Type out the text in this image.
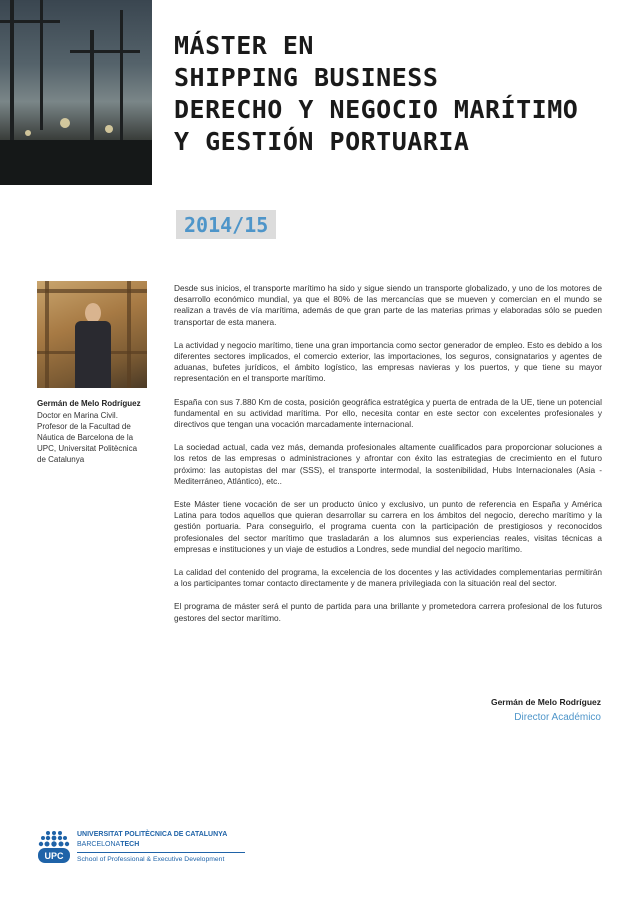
MÁSTER EN
SHIPPING BUSINESS
DERECHO Y NEGOCIO MARÍTIMO
Y GESTIÓN PORTUARIA
2014/15
Germán de Melo Rodríguez
Doctor en Marina Civil.
Profesor de la Facultad de
Náutica de Barcelona de la
UPC, Universitat Politècnica
de Catalunya

Desde sus inicios, el transporte marítimo ha sido y sigue siendo un transporte globalizado, y uno de los motores de desarrollo económico mundial, ya que el 80% de las mercancías que se mueven y comercian en el mundo se realizan a través de vía marítima, además de que gran parte de las materias primas y elaboradas sólo se pueden transportar de esta manera.

La actividad y negocio marítimo, tiene una gran importancia como sector generador de empleo. Esto es debido a los diferentes sectores implicados, el comercio exterior, las importaciones, los seguros, consignatarios y agentes de aduanas, bufetes jurídicos, el ámbito logístico, las empresas navieras y los puertos, y que tiene su mayor representación en el transporte marítimo.

España con sus 7.880 Km de costa, posición geográfica estratégica y puerta de entrada de la UE, tiene un potencial fundamental en su actividad marítima. Por ello, necesita contar en este sector con excelentes profesionales y directivos que tengan una vocación marcadamente internacional.

La sociedad actual, cada vez más, demanda profesionales altamente cualificados para proporcionar soluciones a los retos de las empresas o administraciones y afrontar con éxito las estrategias de crecimiento en el futuro próximo: las autopistas del mar (SSS), el transporte intermodal, la sostenibilidad, Hubs Internacionales (Asia - Mediterráneo, Atlántico), etc..

Este Máster tiene vocación de ser un producto único y exclusivo, un punto de referencia en España y América Latina para todos aquellos que quieran desarrollar su carrera en los ámbitos del negocio, derecho marítimo y la gestión portuaria. Para conseguirlo, el programa cuenta con la participación de prestigiosos y reconocidos profesionales del sector marítimo que trasladarán a los alumnos sus experiencias reales, visitas técnicas a empresas e instituciones y un viaje de estudios a Londres, sede mundial del negocio marítimo.

La calidad del contenido del programa, la excelencia de los docentes y las actividades complementarias permitirán a los participantes tomar contacto directamente y de manera privilegiada con la situación real del sector.

El programa de máster será el punto de partida para una brillante y prometedora carrera profesional de los futuros gestores del sector marítimo.

Germán de Melo Rodríguez
Director Académico
UPC
UNIVERSITAT POLITÈCNICA DE CATALUNYA
BARCELONATECH
School of Professional & Executive Development
